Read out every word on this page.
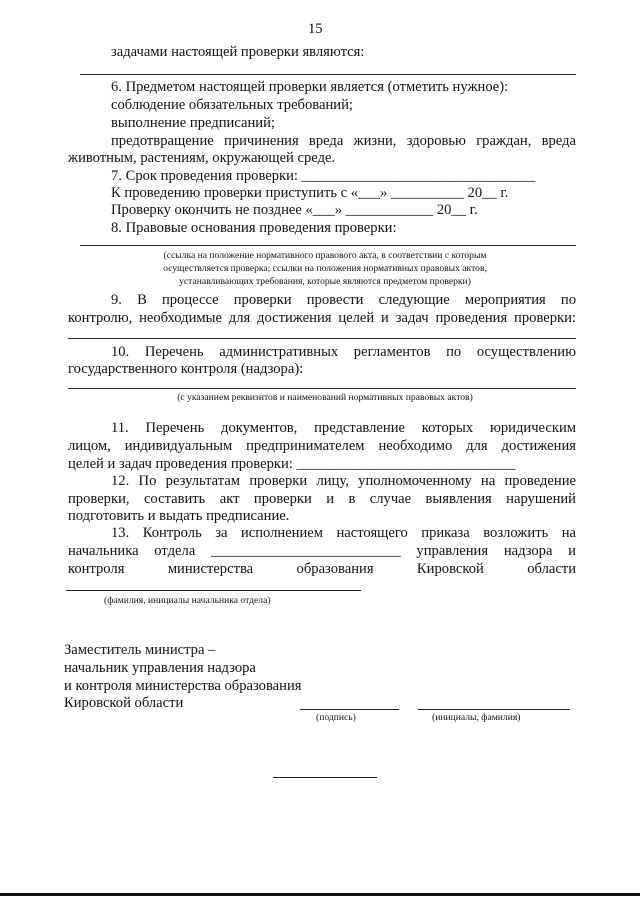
15
задачами настоящей проверки являются:
6. Предметом настоящей проверки является (отметить нужное):
соблюдение обязательных требований;
выполнение предписаний;
предотвращение причинения вреда жизни, здоровью граждан, вреда
животным, растениям, окружающей среде.
7. Срок проведения проверки: ________________________________
К проведению проверки приступить с «___» __________ 20__ г.
Проверку окончить не позднее «___» ____________ 20__ г.
8. Правовые основания проведения проверки:
(ссылка на положение нормативного правового акта, в соответствии с которым
осуществляется проверка; ссылки на положения нормативных правовых актов,
устанавливающих требования, которые являются предметом проверки)
9. В процессе проверки провести следующие мероприятия по
контролю, необходимые для достижения целей и задач проведения проверки:
10. Перечень административных регламентов по осуществлению
государственного контроля (надзора):
(с указанием реквизитов и наименований нормативных правовых актов)
11. Перечень документов, представление которых юридическим
лицом, индивидуальным предпринимателем необходимо для достижения
целей и задач проведения проверки: ______________________________
12. По результатам проверки лицу, уполномоченному на проведение
проверки, составить акт проверки и в случае выявления нарушений
подготовить и выдать предписание.
13. Контроль за исполнением настоящего приказа возложить на
начальника отдела __________________________ управления надзора и
контроля министерства образования Кировской области
(фамилия, инициалы начальника отдела)
Заместитель министра –
начальник управления надзора
и контроля министерства образования
Кировской области
(подпись)	(инициалы, фамилия)
